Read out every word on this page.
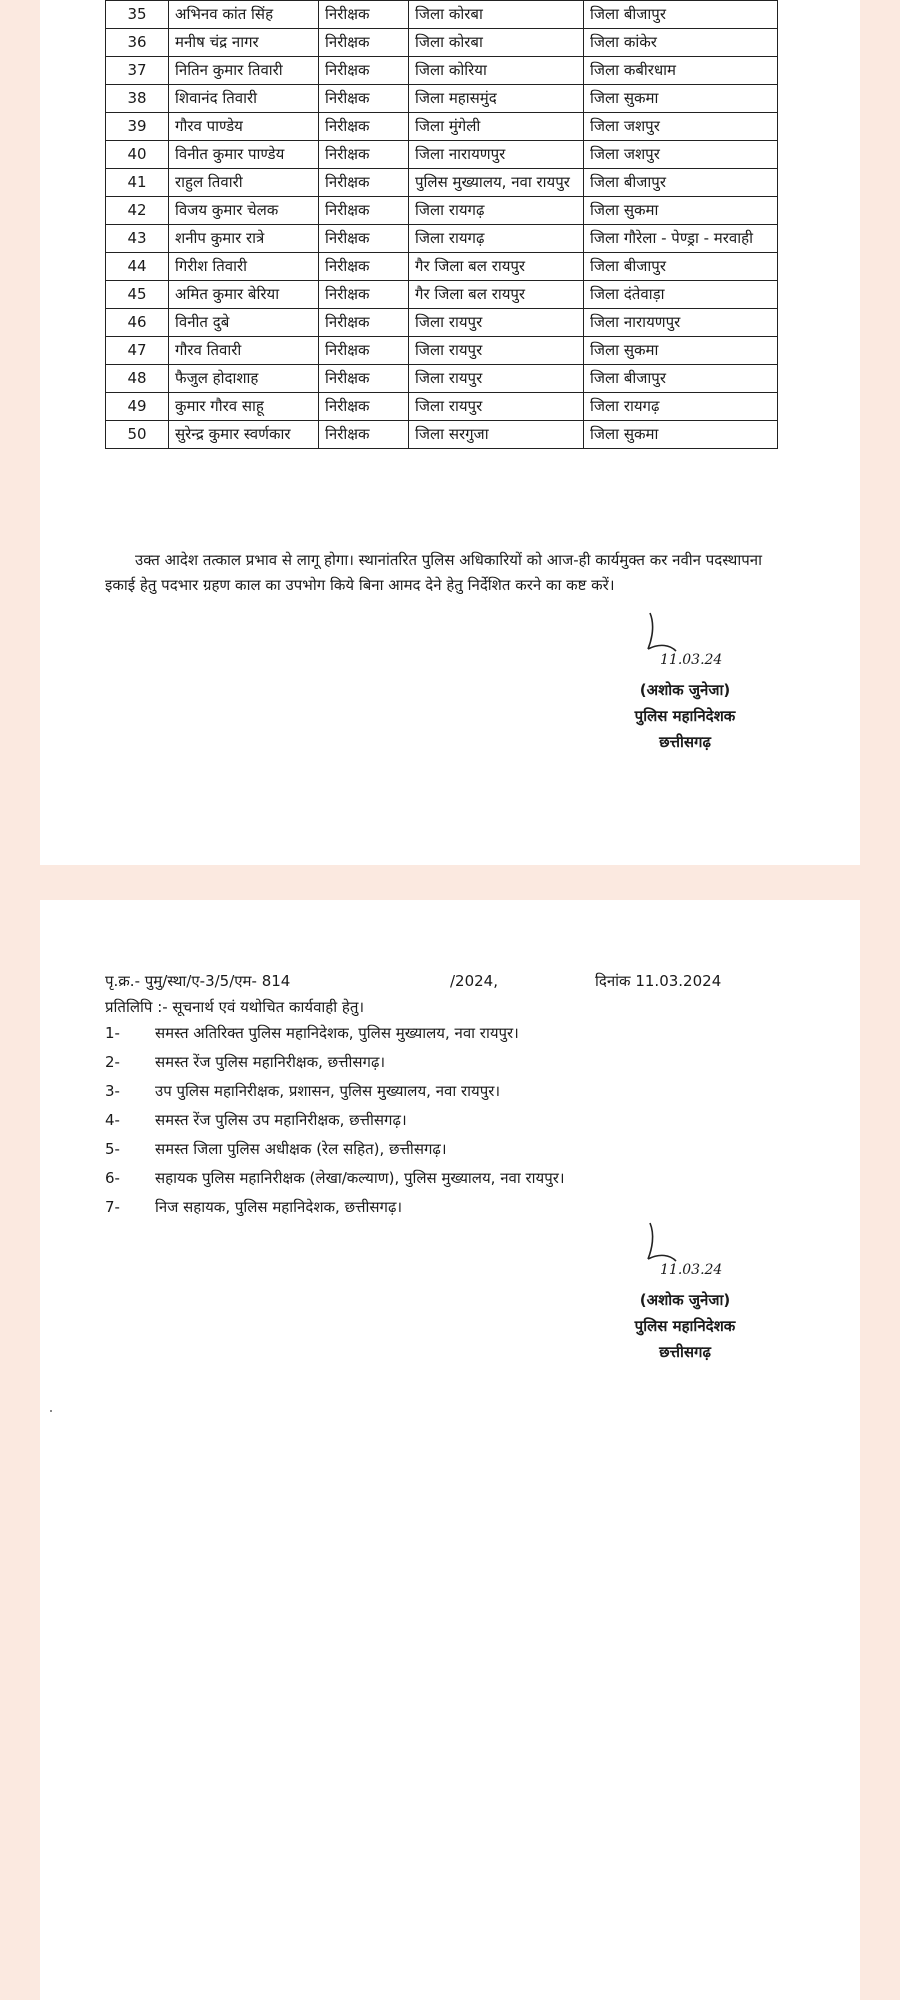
35	अभिनव कांत सिंह	निरीक्षक	जिला कोरबा	जिला बीजापुर
36	मनीष चंद्र नागर	निरीक्षक	जिला कोरबा	जिला कांकेर
37	नितिन कुमार तिवारी	निरीक्षक	जिला कोरिया	जिला कबीरधाम
38	शिवानंद तिवारी	निरीक्षक	जिला महासमुंद	जिला सुकमा
39	गौरव पाण्डेय	निरीक्षक	जिला मुंगेली	जिला जशपुर
40	विनीत कुमार पाण्डेय	निरीक्षक	जिला नारायणपुर	जिला जशपुर
41	राहुल तिवारी	निरीक्षक	पुलिस मुख्यालय, नवा रायपुर	जिला बीजापुर
42	विजय कुमार चेलक	निरीक्षक	जिला रायगढ़	जिला सुकमा
43	शनीप कुमार रात्रे	निरीक्षक	जिला रायगढ़	जिला गौरेला - पेण्ड्रा - मरवाही
44	गिरीश तिवारी	निरीक्षक	गैर जिला बल रायपुर	जिला बीजापुर
45	अमित कुमार बेरिया	निरीक्षक	गैर जिला बल रायपुर	जिला दंतेवाड़ा
46	विनीत दुबे	निरीक्षक	जिला रायपुर	जिला नारायणपुर
47	गौरव तिवारी	निरीक्षक	जिला रायपुर	जिला सुकमा
48	फैजुल होदाशाह	निरीक्षक	जिला रायपुर	जिला बीजापुर
49	कुमार गौरव साहू	निरीक्षक	जिला रायपुर	जिला रायगढ़
50	सुरेन्द्र कुमार स्वर्णकार	निरीक्षक	जिला सरगुजा	जिला सुकमा

उक्त आदेश तत्काल प्रभाव से लागू होगा। स्थानांतरित पुलिस अधिकारियों को आज-ही कार्यमुक्त कर नवीन पदस्थापना इकाई हेतु पदभार ग्रहण काल का उपभोग किये बिना आमद देने हेतु निर्देशित करने का कष्ट करें।

11.03.24
(अशोक जुनेजा)
पुलिस महानिदेशक
छत्तीसगढ़
पृ.क्र.- पुमु/स्था/ए-3/5/एम- 814	/2024,	दिनांक 11.03.2024
प्रतिलिपि :- सूचनार्थ एवं यथोचित कार्यवाही हेतु।
1- समस्त अतिरिक्त पुलिस महानिदेशक, पुलिस मुख्यालय, नवा रायपुर।
2- समस्त रेंज पुलिस महानिरीक्षक, छत्तीसगढ़।
3- उप पुलिस महानिरीक्षक, प्रशासन, पुलिस मुख्यालय, नवा रायपुर।
4- समस्त रेंज पुलिस उप महानिरीक्षक, छत्तीसगढ़।
5- समस्त जिला पुलिस अधीक्षक (रेल सहित), छत्तीसगढ़।
6- सहायक पुलिस महानिरीक्षक (लेखा/कल्याण), पुलिस मुख्यालय, नवा रायपुर।
7- निज सहायक, पुलिस महानिदेशक, छत्तीसगढ़।
11.03.24
(अशोक जुनेजा)
पुलिस महानिदेशक
छत्तीसगढ़
